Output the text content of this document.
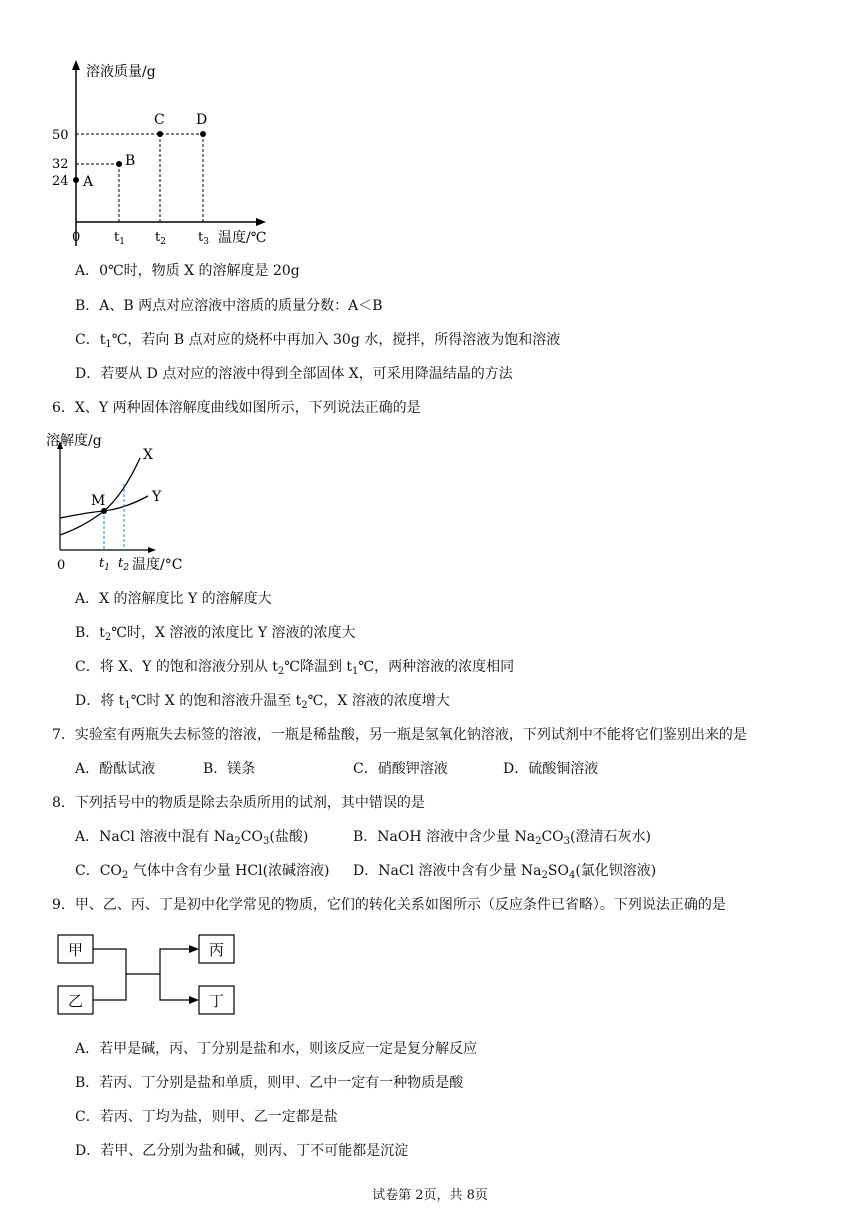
溶液质量/g
温度/℃
0
50
32
24
$t_1$ $t_2$ $t_3$
A
B
C D
A．0℃时，物质 X 的溶解度是 20g
B．A、B 两点对应溶液中溶质的质量分数：A＜B
C．$t_1℃$，若向 B 点对应的烧杯中再加入 30g 水，搅拌，所得溶液为饱和溶液
D．若要从 D 点对应的溶液中得到全部固体 X，可采用降温结晶的方法
6．X、Y 两种固体溶解度曲线如图所示，下列说法正确的是
溶解度/g
温度/°C
0
X
Y
M
$t_1$ $t_2$
A．X 的溶解度比 Y 的溶解度大
B．$t_2℃$时，X 溶液的浓度比 Y 溶液的浓度大
C．将 X、Y 的饱和溶液分别从 $t_2℃$降温到 $t_1℃$，两种溶液的浓度相同
D．将 $t_1℃$时 X 的饱和溶液升温至 $t_2℃$，X 溶液的浓度增大
7．实验室有两瓶失去标签的溶液，一瓶是稀盐酸，另一瓶是氢氧化钠溶液，下列试剂中不能将它们鉴别出来的是
A．酚酞试液	B．镁条	C．硝酸钾溶液	D．硫酸铜溶液
8．下列括号中的物质是除去杂质所用的试剂，其中错误的是
A．NaCl 溶液中混有 $Na_2CO_3$(盐酸)	B．NaOH 溶液中含少量 $Na_2CO_3$(澄清石灰水)
C．$CO_2$ 气体中含有少量 HCl(浓碱溶液) D．NaCl 溶液中含有少量 $Na_2SO_4$(氯化钡溶液)
9．甲、乙、丙、丁是初中化学常见的物质，它们的转化关系如图所示（反应条件已省略）。下列说法正确的是
甲
乙
丙
丁
A．若甲是碱，丙、丁分别是盐和水，则该反应一定是复分解反应
B．若丙、丁分别是盐和单质，则甲、乙中一定有一种物质是酸
C．若丙、丁均为盐，则甲、乙一定都是盐
D．若甲、乙分别为盐和碱，则丙、丁不可能都是沉淀
试卷第 2页，共 8页
